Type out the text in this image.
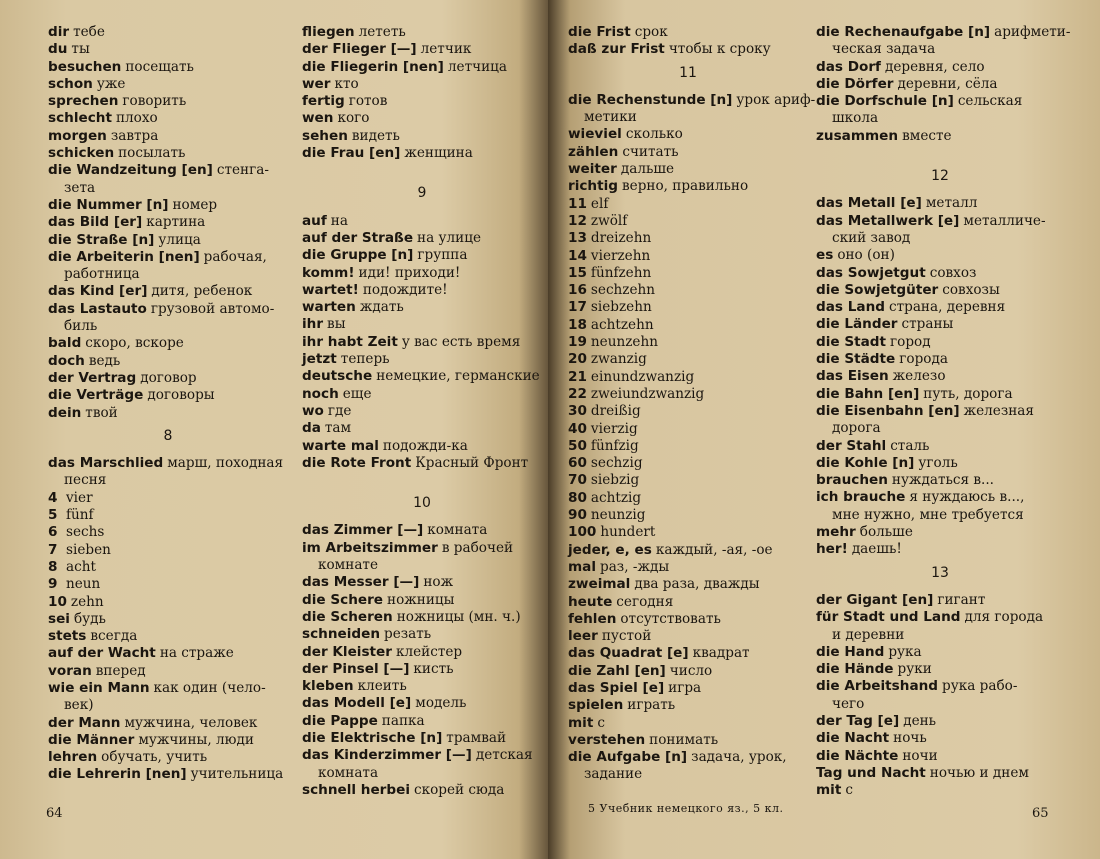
dir тебе
du ты
besuchen посещать
schon уже
sprechen говорить
schlecht плохо
morgen завтра
schicken посылать
die Wandzeitung [en] стенга-
зета
die Nummer [n] номер
das Bild [er] картина
die Straße [n] улица
die Arbeiterin [nen] рабочая,
работница
das Kind [er] дитя, ребенок
das Lastauto грузовой автомо-
биль
bald скоро, вскоре
doch ведь
der Vertrag договор
die Verträge договоры
dein твой
8
das Marschlied марш, походная
песня
4 vier
5 fünf
6 sechs
7 sieben
8 acht
9 neun
10 zehn
sei будь
stets всегда
auf der Wacht на страже
voran вперед
wie ein Mann как один (чело-
век)
der Mann мужчина, человек
die Männer мужчины, люди
lehren обучать, учить
die Lehrerin [nen] учительница
fliegen лететь
der Flieger [—] летчик
die Fliegerin [nen] летчица
wer кто
fertig готов
wen кого
sehen видеть
die Frau [en] женщина
9
auf на
auf der Straße на улице
die Gruppe [n] группа
komm! иди! приходи!
wartet! подождите!
warten ждать
ihr вы
ihr habt Zeit у вас есть время
jetzt теперь
deutsche немецкие, германские
noch еще
wo где
da там
warte mal подожди-ка
die Rote Front Красный Фронт
10
das Zimmer [—] комната
im Arbeitszimmer в рабочей
комнате
das Messer [—] нож
die Schere ножницы
die Scheren ножницы (мн. ч.)
schneiden резать
der Kleister клейстер
der Pinsel [—] кисть
kleben клеить
das Modell [e] модель
die Pappe папка
die Elektrische [n] трамвай
das Kinderzimmer [—] детская
комната
schnell herbei скорей сюда
64
die Frist срок
daß zur Frist чтобы к сроку
11
die Rechenstunde [n] урок ариф-
метики
wieviel сколько
zählen считать
weiter дальше
richtig верно, правильно
11 elf
12 zwölf
13 dreizehn
14 vierzehn
15 fünfzehn
16 sechzehn
17 siebzehn
18 achtzehn
19 neunzehn
20 zwanzig
21 einundzwanzig
22 zweiundzwanzig
30 dreißig
40 vierzig
50 fünfzig
60 sechzig
70 siebzig
80 achtzig
90 neunzig
100 hundert
jeder, e, es каждый, -ая, -ое
mal раз, -жды
zweimal два раза, дважды
heute сегодня
fehlen отсутствовать
leer пустой
das Quadrat [e] квадрат
die Zahl [en] число
das Spiel [e] игра
spielen играть
mit с
verstehen понимать
die Aufgabe [n] задача, урок,
задание
die Rechenaufgabe [n] арифмети-
ческая задача
das Dorf деревня, село
die Dörfer деревни, сёла
die Dorfschule [n] сельская
школа
zusammen вместе
12
das Metall [e] металл
das Metallwerk [e] металличе-
ский завод
es оно (он)
das Sowjetgut совхоз
die Sowjetgüter совхозы
das Land страна, деревня
die Länder страны
die Stadt город
die Städte города
das Eisen железо
die Bahn [en] путь, дорога
die Eisenbahn [en] железная
дорога
der Stahl сталь
die Kohle [n] уголь
brauchen нуждаться в...
ich brauche я нуждаюсь в...,
мне нужно, мне требуется
mehr больше
her! даешь!
13
der Gigant [en] гигант
für Stadt und Land для города
и деревни
die Hand рука
die Hände руки
die Arbeitshand рука рабо-
чего
der Tag [e] день
die Nacht ночь
die Nächte ночи
Tag und Nacht ночью и днем
mit с
5 Учебник немецкого яз., 5 кл.	65
